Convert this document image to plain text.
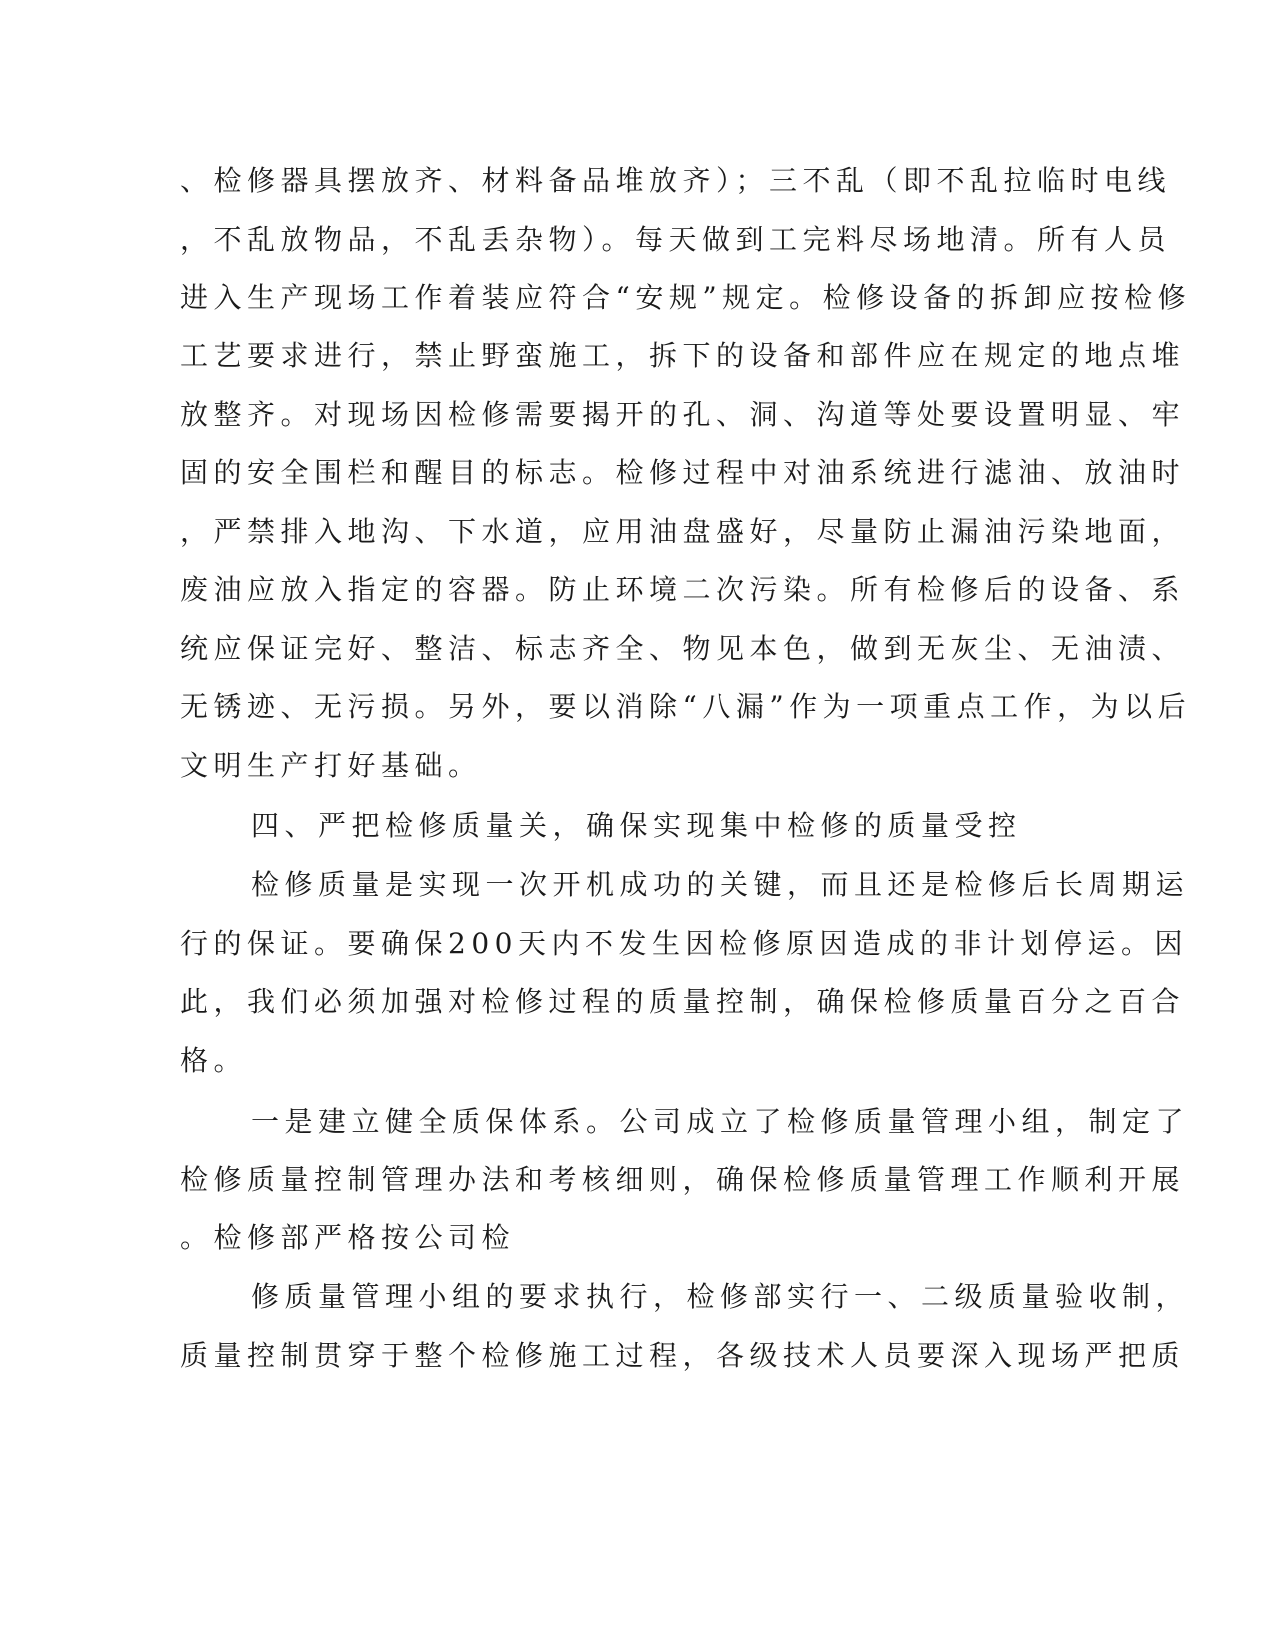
、检修器具摆放齐、材料备品堆放齐）；三不乱（即不乱拉临时电线
，不乱放物品，不乱丢杂物）。每天做到工完料尽场地清。所有人员
进入生产现场工作着装应符合“安规”规定。检修设备的拆卸应按检修
工艺要求进行，禁止野蛮施工，拆下的设备和部件应在规定的地点堆
放整齐。对现场因检修需要揭开的孔、洞、沟道等处要设置明显、牢
固的安全围栏和醒目的标志。检修过程中对油系统进行滤油、放油时
，严禁排入地沟、下水道，应用油盘盛好，尽量防止漏油污染地面，
废油应放入指定的容器。防止环境二次污染。所有检修后的设备、系
统应保证完好、整洁、标志齐全、物见本色，做到无灰尘、无油渍、
无锈迹、无污损。另外，要以消除“八漏”作为一项重点工作，为以后
文明生产打好基础。
四、严把检修质量关，确保实现集中检修的质量受控
检修质量是实现一次开机成功的关键，而且还是检修后长周期运
行的保证。要确保200天内不发生因检修原因造成的非计划停运。因
此，我们必须加强对检修过程的质量控制，确保检修质量百分之百合
格。
一是建立健全质保体系。公司成立了检修质量管理小组，制定了
检修质量控制管理办法和考核细则，确保检修质量管理工作顺利开展
。检修部严格按公司检
修质量管理小组的要求执行，检修部实行一、二级质量验收制，
质量控制贯穿于整个检修施工过程，各级技术人员要深入现场严把质
